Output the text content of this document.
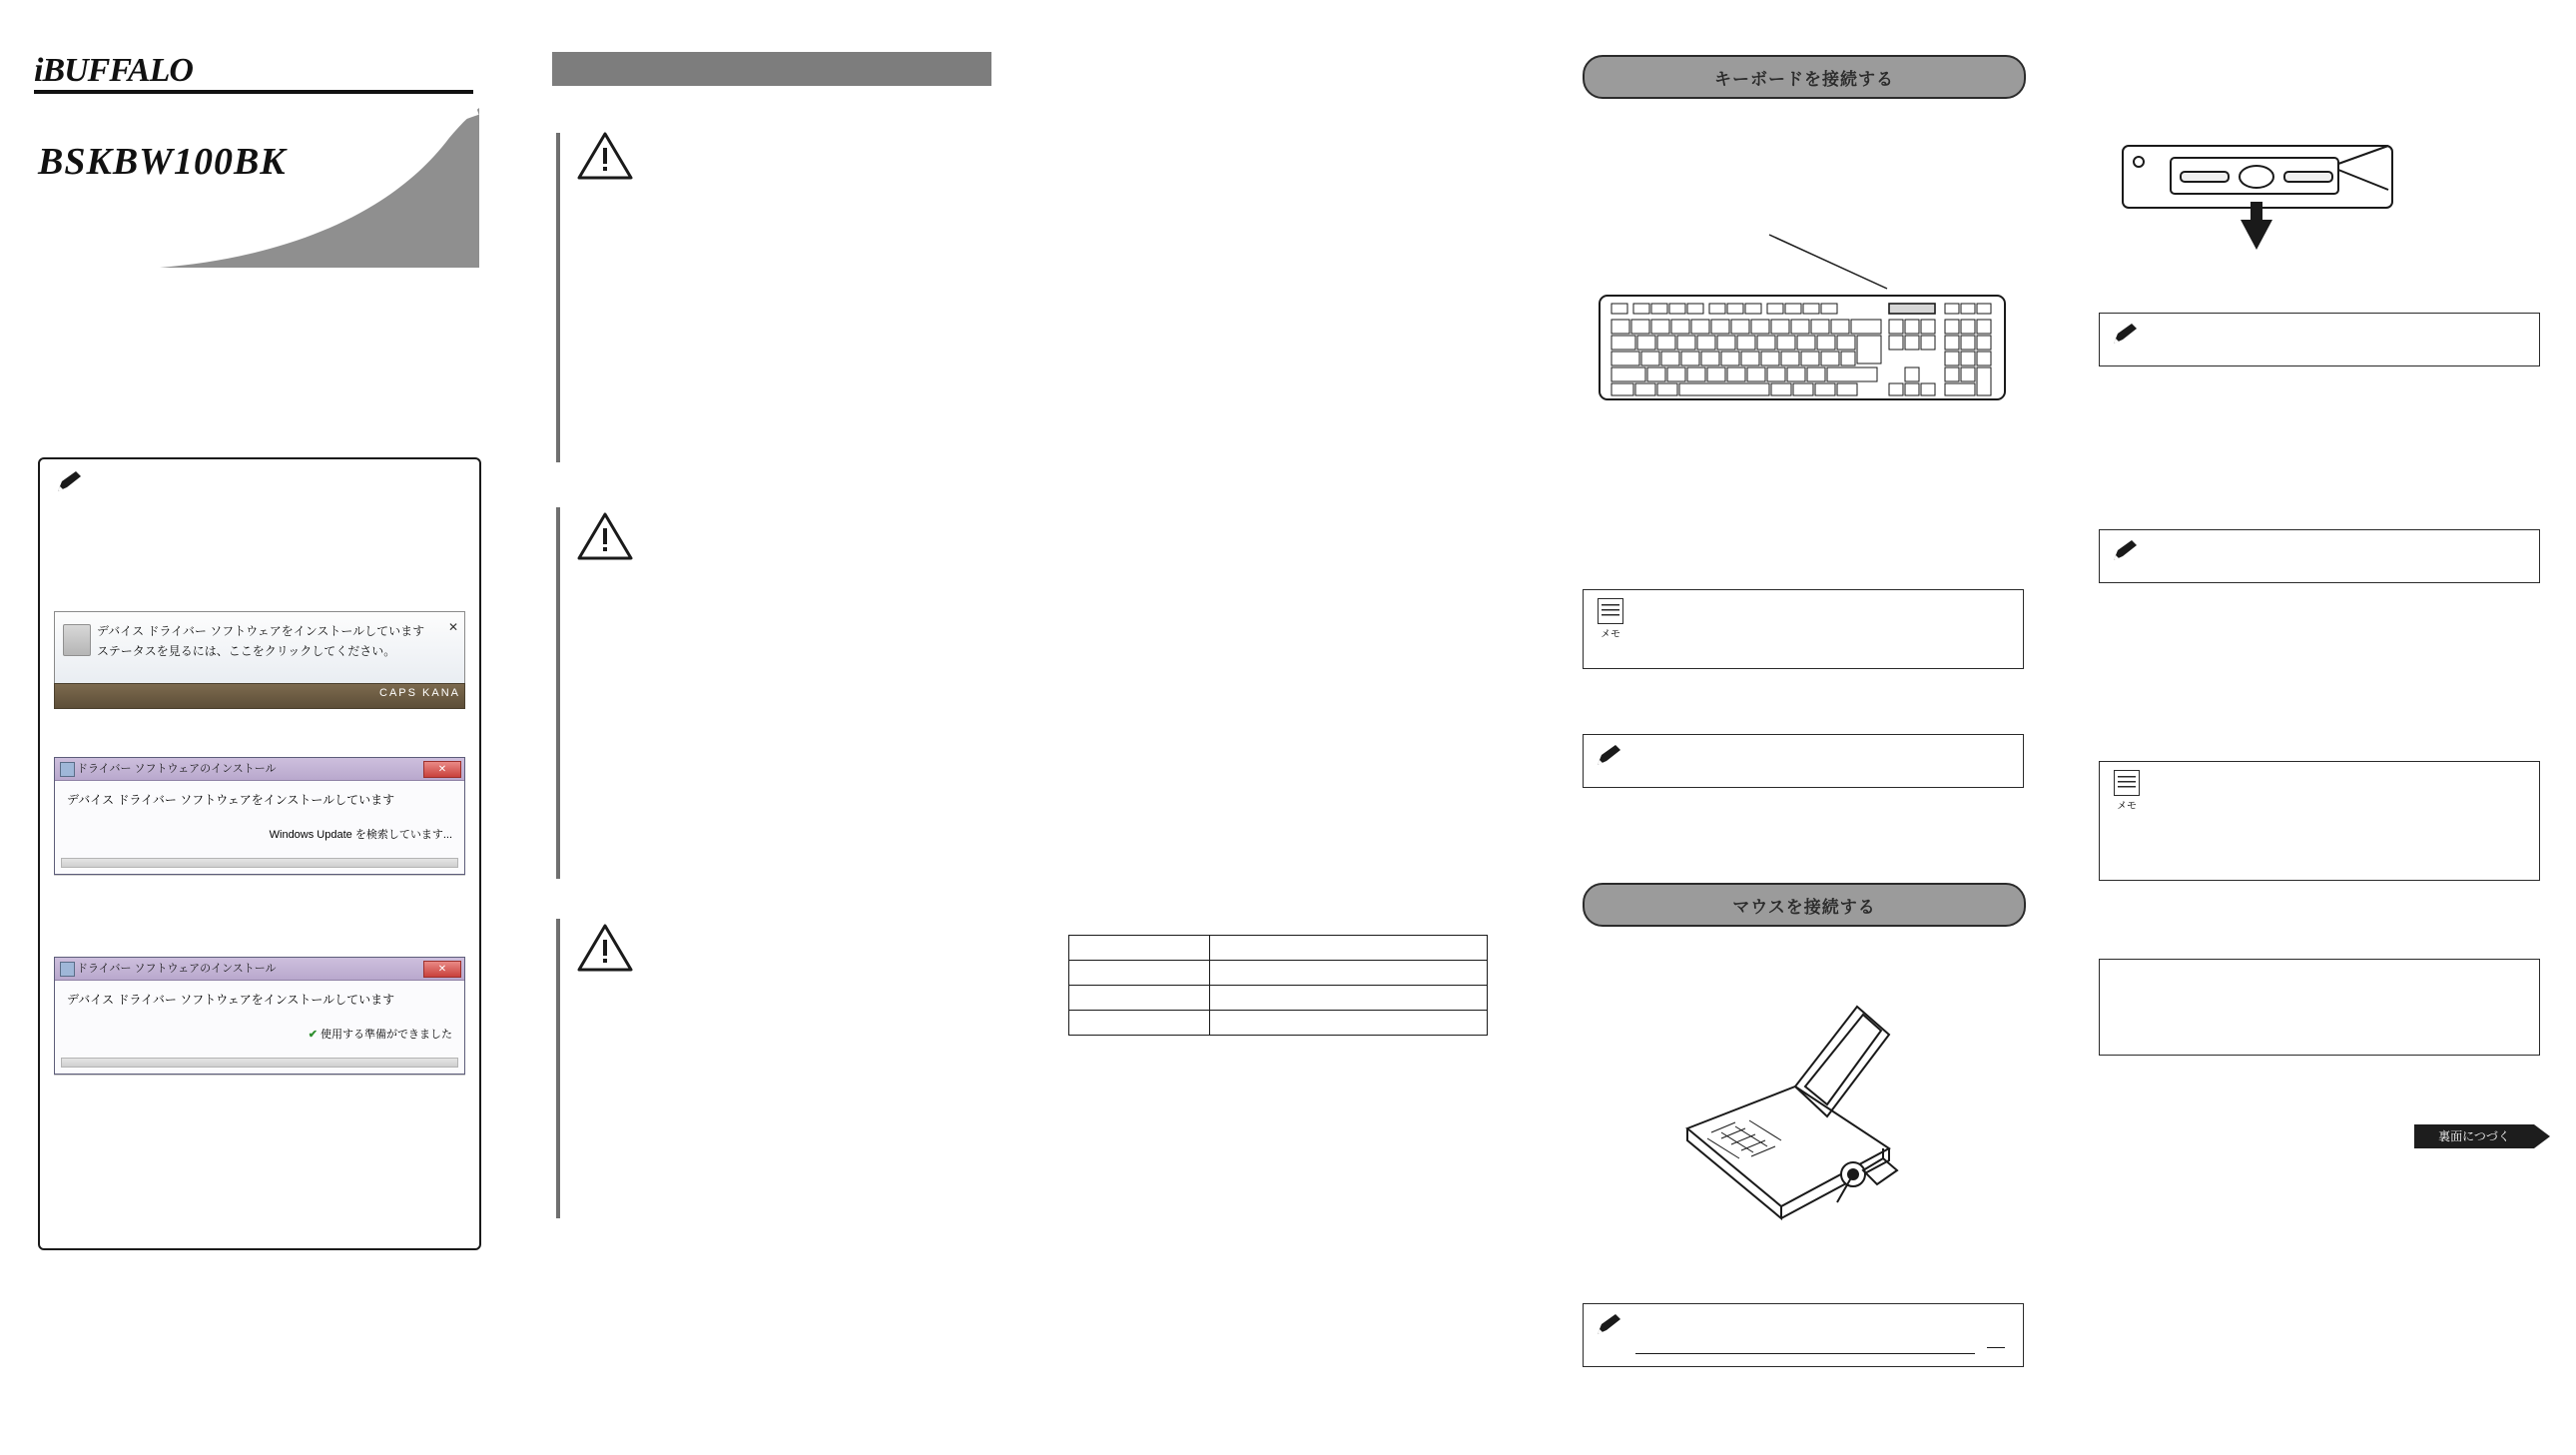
iBUFFALO
BSKBW100BK
デバイス ドライバー ソフトウェアをインストールしています
ステータスを見るには、ここをクリックしてください。
✕
CAPS KANA
ドライバー ソフトウェアのインストール	✕
デバイス ドライバー ソフトウェアをインストールしています
Windows Update を検索しています...
ドライバー ソフトウェアのインストール	✕
デバイス ドライバー ソフトウェアをインストールしています
✔ 使用する準備ができました

キーボードを接続する
メモ
マウスを接続する
メモ
裏面につづく
